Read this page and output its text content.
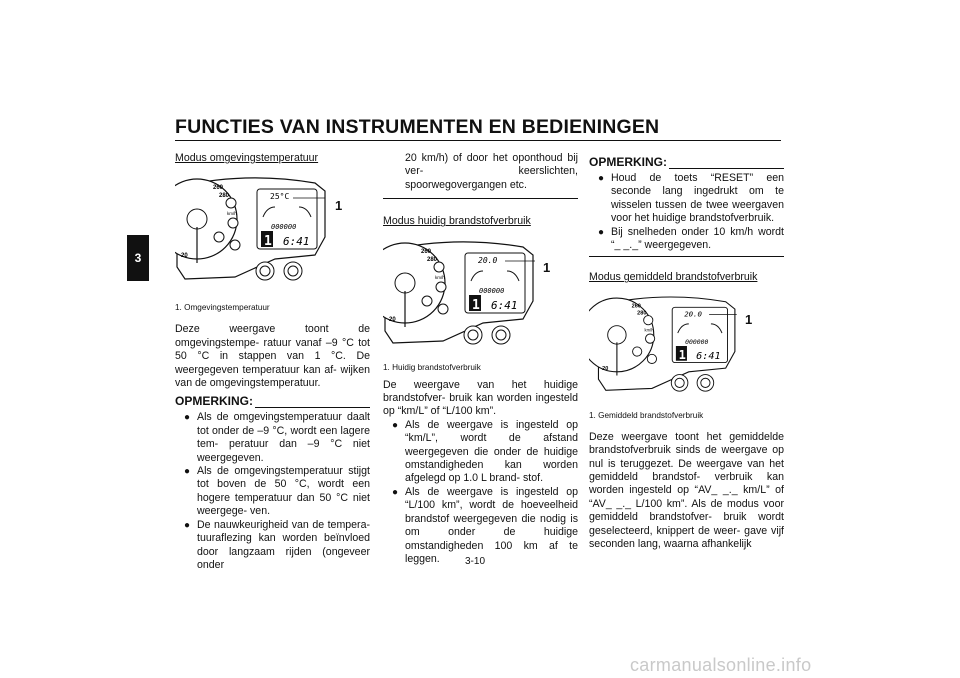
FUNCTIES VAN INSTRUMENTEN EN BEDIENINGEN
3
Modus omgevingstemperatuur
260
280
20
km/h
25°C
000000
1 6:41
1
1. Omgevingstemperatuur
Deze weergave toont de omgevingstempe- ratuur vanaf –9 °C tot 50 °C in stappen van 1 °C. De weergegeven temperatuur kan af- wijken van de omgevingstemperatuur.
OPMERKING:
● Als de omgevingstemperatuur daalt tot onder de –9 °C, wordt een lagere tem- peratuur dan –9 °C niet weergegeven.
● Als de omgevingstemperatuur stijgt tot boven de 50 °C, wordt een hogere temperatuur dan 50 °C niet weergege- ven.
● De nauwkeurigheid van de tempera- tuuraflezing kan worden beïnvloed door langzaam rijden (ongeveer onder
20 km/h) of door het oponthoud bij ver- keerslichten, spoorwegovergangen etc.
Modus huidig brandstofverbruik
260
280
20
km/h
20.0
000000
1 6:41
1
1. Huidig brandstofverbruik
De weergave van het huidige brandstofver- bruik kan worden ingesteld op “km/L” of “L/100 km”.
● Als de weergave is ingesteld op “km/L”, wordt de afstand weergegeven die onder de huidige omstandigheden kan worden afgelegd op 1.0 L brand- stof.
● Als de weergave is ingesteld op “L/100 km”, wordt de hoeveelheid brandstof weergegeven die nodig is om onder de huidige omstandigheden 100 km af te leggen.
OPMERKING:
● Houd de toets “RESET” een seconde lang ingedrukt om te wisselen tussen de twee weergaven voor het huidige brandstofverbruik.
● Bij snelheden onder 10 km/h wordt “_ _._” weergegeven.
Modus gemiddeld brandstofverbruik
260
280
20
km/h
20.0
000000
1 6:41
1
1. Gemiddeld brandstofverbruik
Deze weergave toont het gemiddelde brandstofverbruik sinds de weergave op nul is teruggezet. De weergave van het gemiddeld brandstof- verbruik kan worden ingesteld op “AV_ _._ km/L” of “AV_ _._ L/100 km”. Als de modus voor gemiddeld brandstofver- bruik wordt geselecteerd, knippert de weer- gave vijf seconden lang, waarna afhankelijk
3-10
carmanualsonline.info
